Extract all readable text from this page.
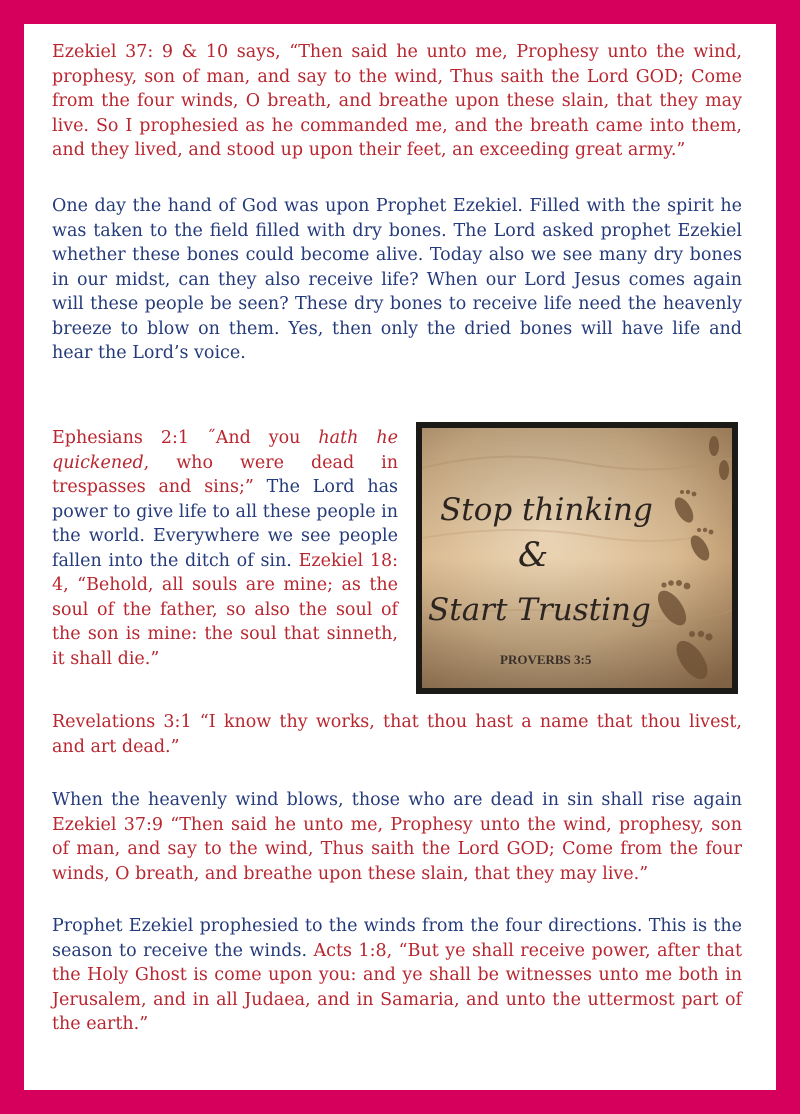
Ezekiel 37: 9 & 10 says, “Then said he unto me, Prophesy unto the wind, prophesy, son of man, and say to the wind, Thus saith the Lord GOD; Come from the four winds, O breath, and breathe upon these slain, that they may live. So I prophesied as he commanded me, and the breath came into them, and they lived, and stood up upon their feet, an exceeding great army.”

One day the hand of God was upon Prophet Ezekiel. Filled with the spirit he was taken to the field filled with dry bones. The Lord asked prophet Ezekiel whether these bones could become alive. Today also we see many dry bones in our midst, can they also receive life? When our Lord Jesus comes again will these people be seen? These dry bones to receive life need the heavenly breeze to blow on them. Yes, then only the dried bones will have life and hear the Lord’s voice.

Ephesians 2:1 ˝And you hath he quickened, who were dead in trespasses and sins;” The Lord has power to give life to all these people in the world. Everywhere we see people fallen into the ditch of sin. Ezekiel 18: 4, “Behold, all souls are mine; as the soul of the father, so also the soul of the son is mine: the soul that sinneth, it shall die.”

Stop thinking
&
Start Trusting
PROVERBS 3:5

Revelations 3:1 “I know thy works, that thou hast a name that thou livest, and art dead.”

When the heavenly wind blows, those who are dead in sin shall rise again Ezekiel 37:9 “Then said he unto me, Prophesy unto the wind, prophesy, son of man, and say to the wind, Thus saith the Lord GOD; Come from the four winds, O breath, and breathe upon these slain, that they may live.”

Prophet Ezekiel prophesied to the winds from the four directions. This is the season to receive the winds. Acts 1:8, “But ye shall receive power, after that the Holy Ghost is come upon you: and ye shall be witnesses unto me both in Jerusalem, and in all Judaea, and in Samaria, and unto the uttermost part of the earth.”
